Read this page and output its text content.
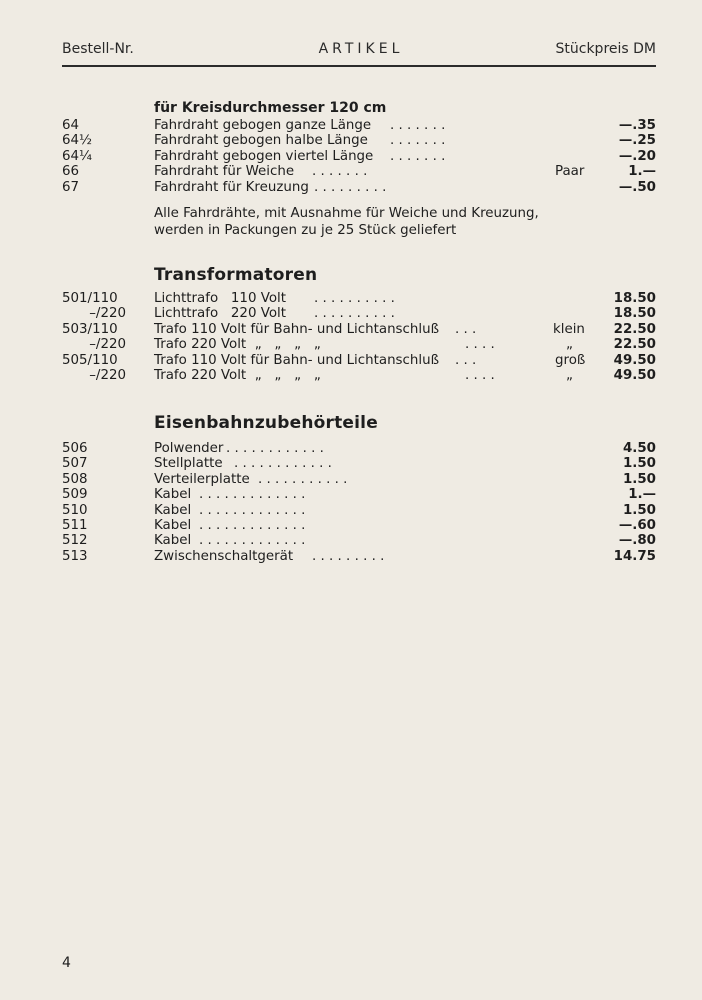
Bestell-Nr.	ARTIKEL	Stückpreis DM
für Kreisdurchmesser 120 cm
64	Fahrdraht gebogen ganze Länge . . . . . . .	—.35
64½	Fahrdraht gebogen halbe Länge . . . . . . .	—.25
64¼	Fahrdraht gebogen viertel Länge . . . . . . .	—.20
66	Fahrdraht für Weiche . . . . . . .	Paar	1.—
67	Fahrdraht für Kreuzung . . . . . . . . .	—.50
Alle Fahrdrähte, mit Ausnahme für Weiche und Kreuzung,
werden in Packungen zu je 25 Stück geliefert
Transformatoren
501/110	Lichttrafo   110 Volt . . . . . . . . . .	18.50
–/220 Lichttrafo   220 Volt . . . . . . . . . .	18.50
503/110	Trafo 110 Volt für Bahn- und Lichtanschluß . . .	klein 22.50
–/220 Trafo 220 Volt  „   „   „   „	. . . .	„	22.50
505/110	Trafo 110 Volt für Bahn- und Lichtanschluß . . .	groß 49.50
–/220 Trafo 220 Volt  „   „   „   „	. . . .	„	49.50
Eisenbahnzubehörteile
506	Polwender . . . . . . . . . . . .	4.50
507	Stellplatte . . . . . . . . . . . .	1.50
508	Verteilerplatte . . . . . . . . . . .	1.50
509	Kabel . . . . . . . . . . . . .	1.—
510	Kabel . . . . . . . . . . . . .	1.50
511	Kabel . . . . . . . . . . . . .	—.60
512	Kabel . . . . . . . . . . . . .	—.80
513	Zwischenschaltgerät . . . . . . . . .	14.75
4
